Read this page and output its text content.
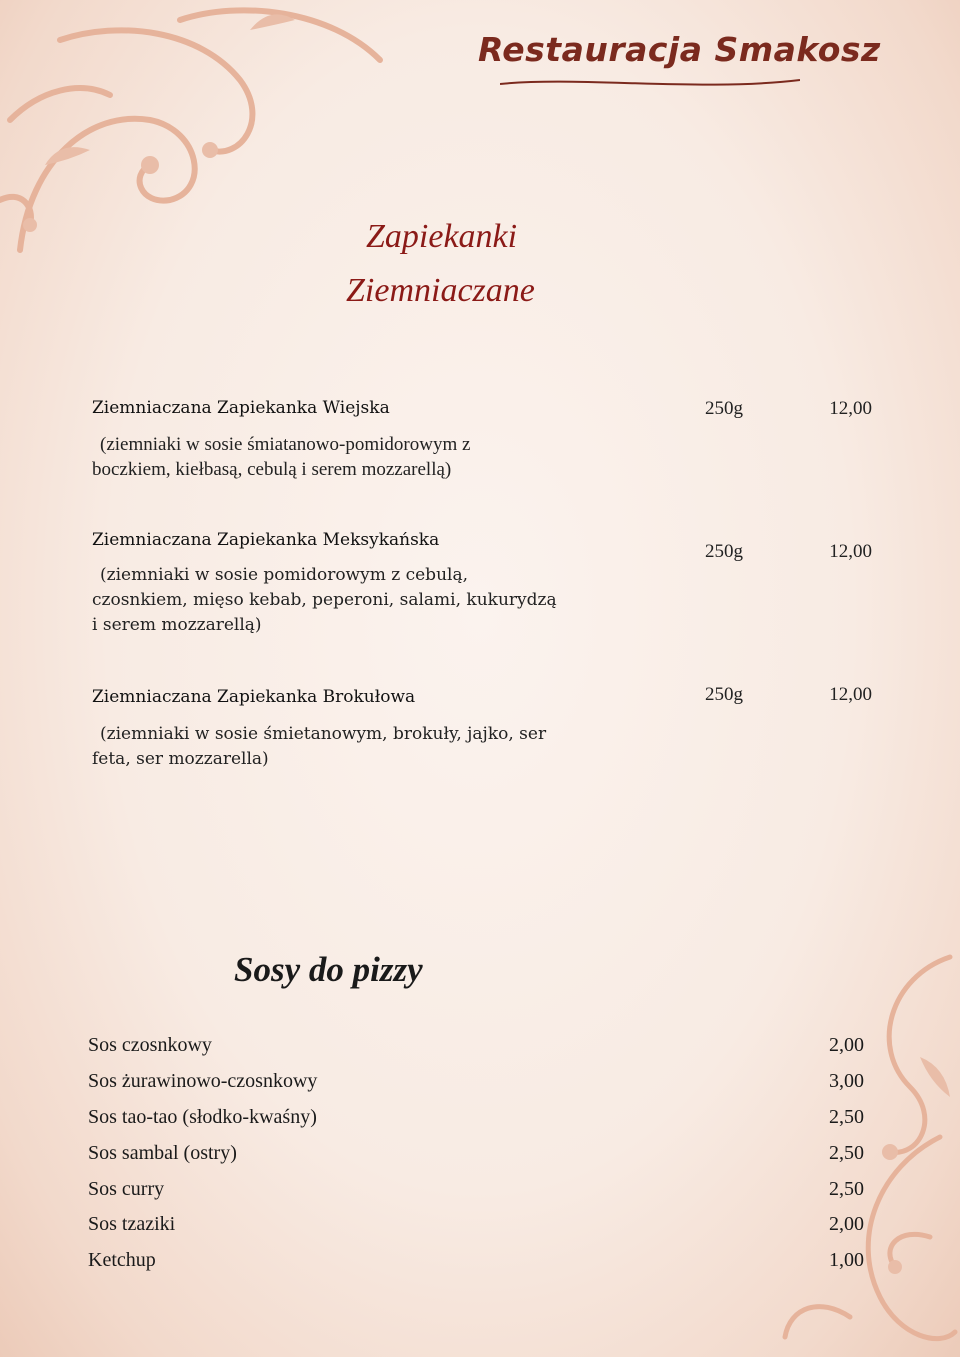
Restauracja Smakosz
Zapiekanki
Ziemniaczane
Ziemniaczana Zapiekanka Wiejska
(ziemniaki w sosie śmiatanowo-pomidorowym z
boczkiem, kiełbasą, cebulą i serem mozzarellą)
250g	12,00
Ziemniaczana Zapiekanka Meksykańska
(ziemniaki w sosie pomidorowym z cebulą,
czosnkiem, mięso kebab, peperoni, salami, kukurydzą
i serem mozzarellą)
250g	12,00
Ziemniaczana Zapiekanka Brokułowa
(ziemniaki w sosie śmietanowym, brokuły, jajko, ser
feta, ser mozzarella)
250g	12,00
Sosy do pizzy
Sos czosnkowy	2,00
Sos żurawinowo-czosnkowy	3,00
Sos tao-tao (słodko-kwaśny)	2,50
Sos sambal (ostry)	2,50
Sos curry	2,50
Sos tzaziki	2,00
Ketchup	1,00
